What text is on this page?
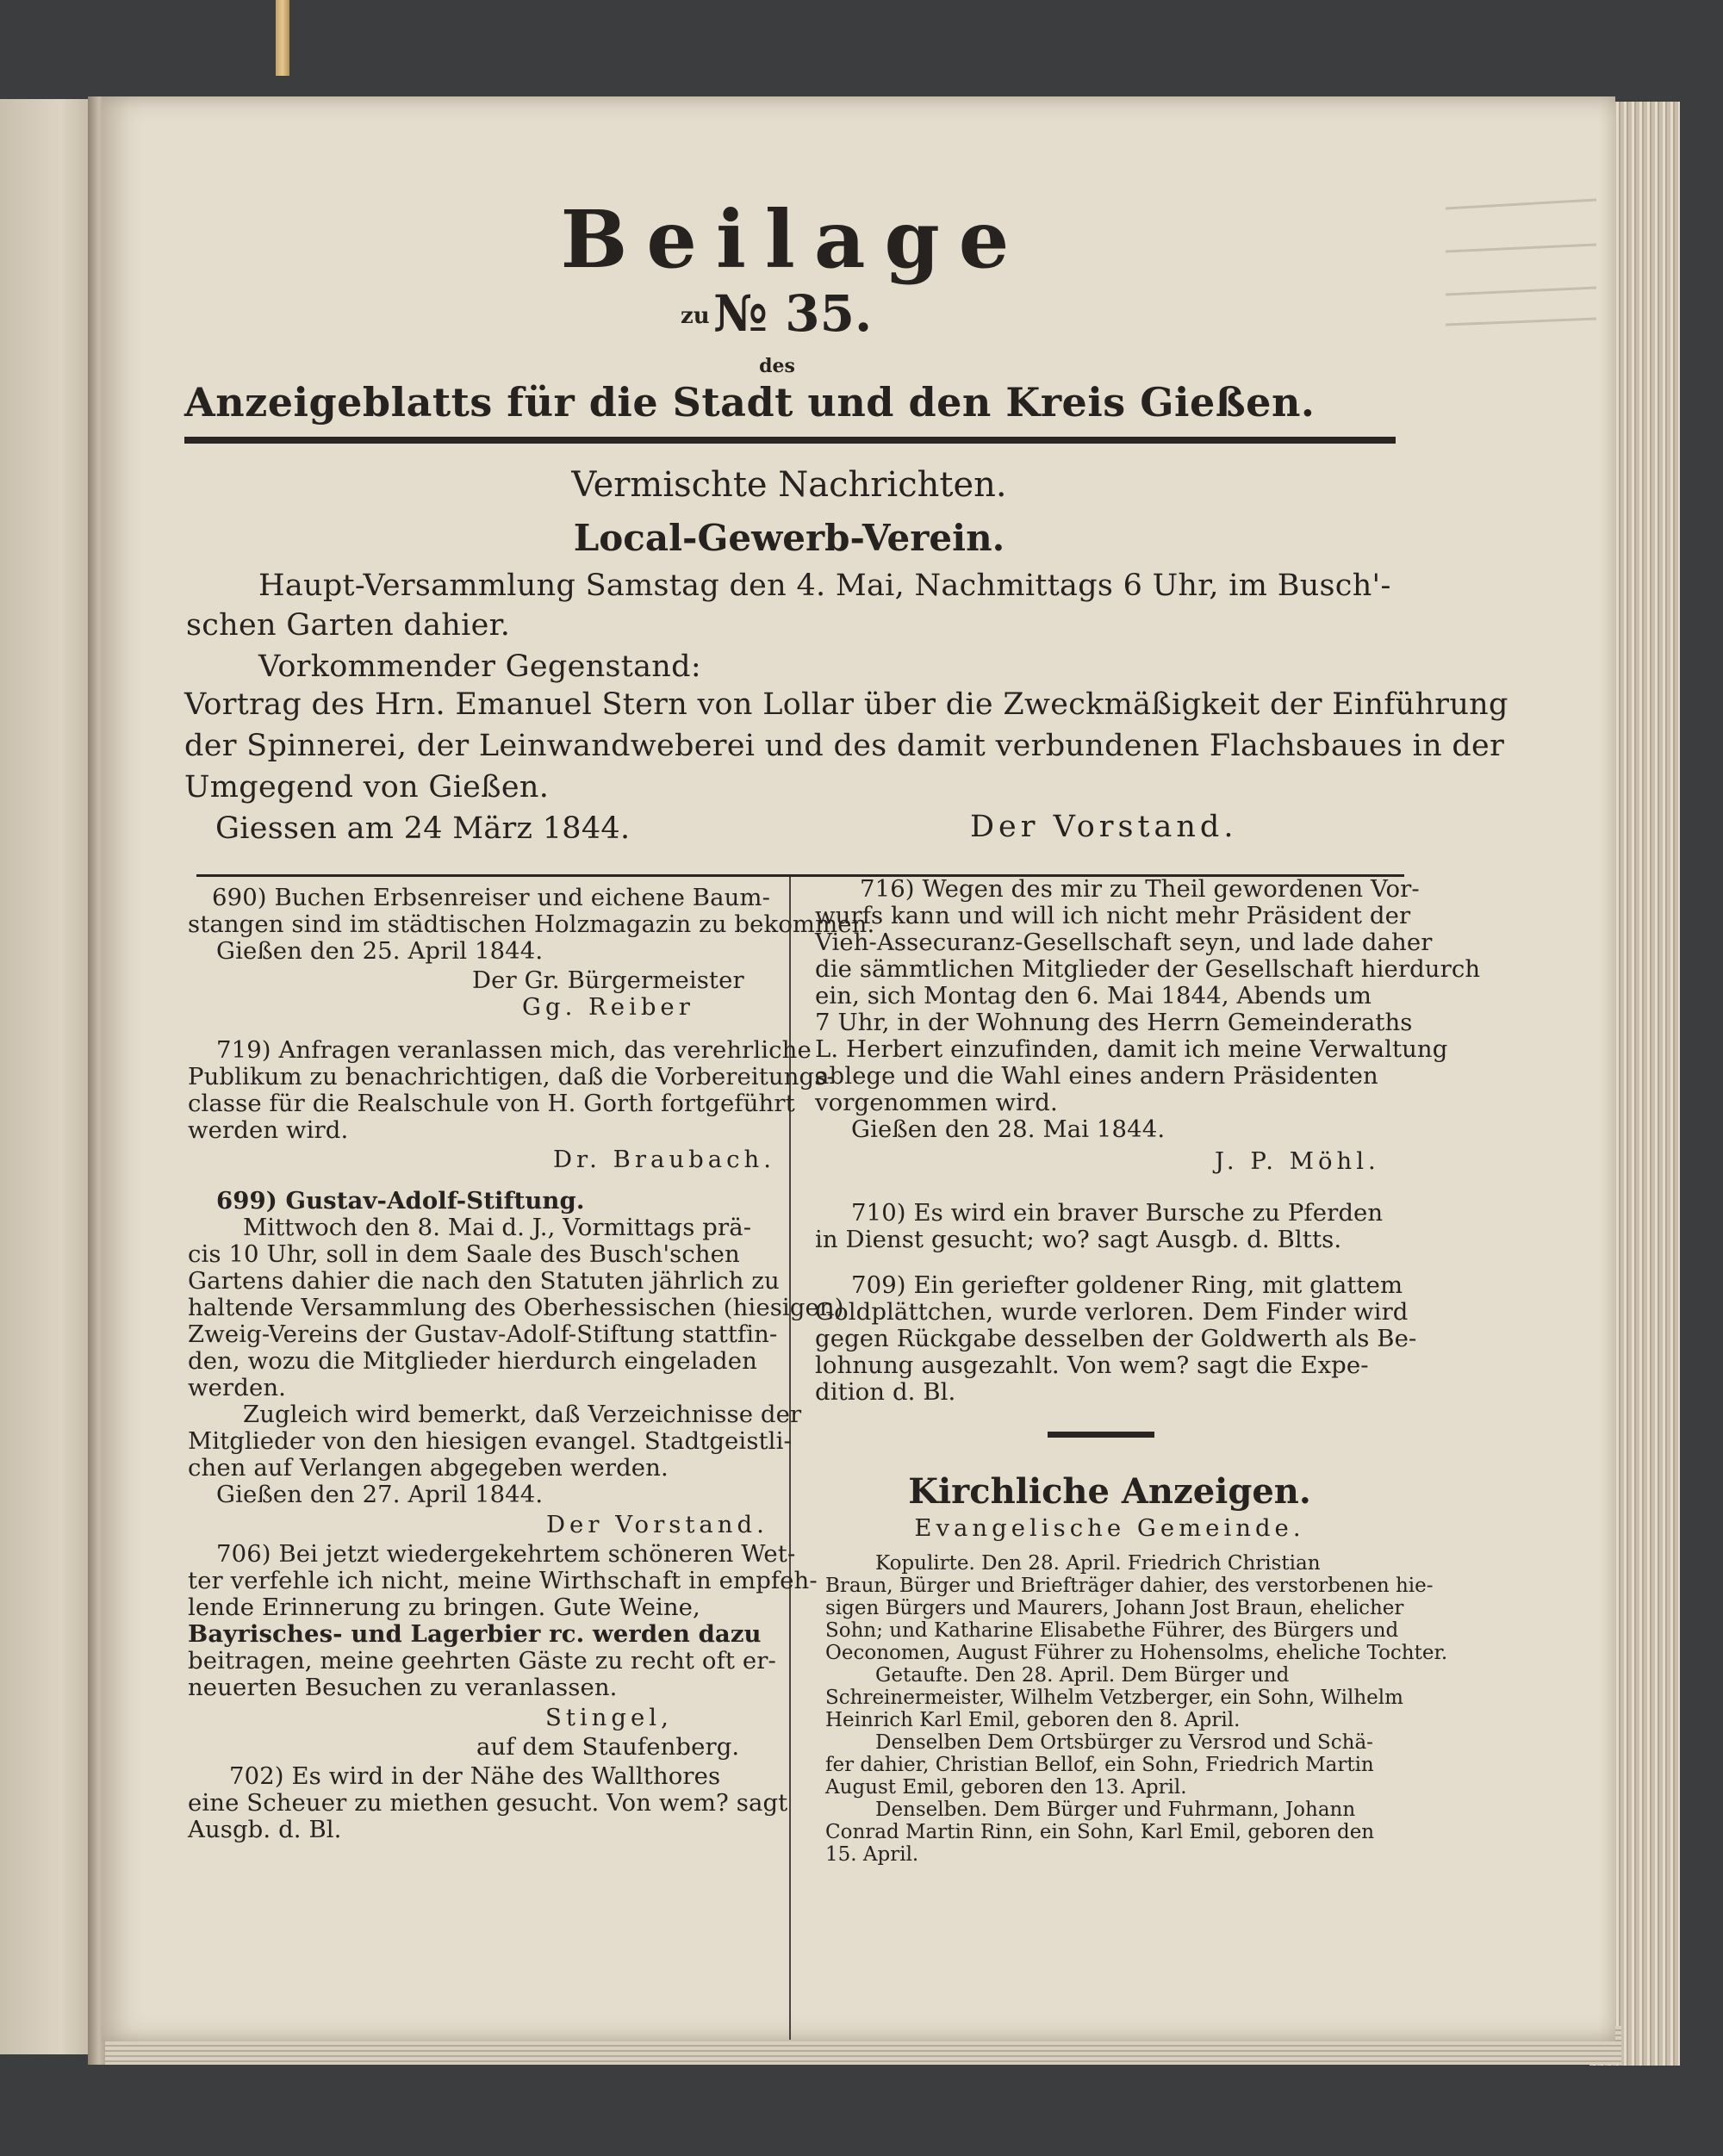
Beilage
zu № 35.
des
Anzeigeblatts für die Stadt und den Kreis Gießen.
Vermischte Nachrichten.
Local-Gewerb-Verein.
Haupt-Versammlung Samstag den 4. Mai, Nachmittags 6 Uhr, im Busch'-
schen Garten dahier.
Vorkommender Gegenstand:
Vortrag des Hrn. Emanuel Stern von Lollar über die Zweckmäßigkeit der Einführung
der Spinnerei, der Leinwandweberei und des damit verbundenen Flachsbaues in der
Umgegend von Gießen.
Giessen am 24 März 1844.	Der Vorstand.
690) Buchen Erbsenreiser und eichene Baum-
stangen sind im städtischen Holzmagazin zu bekommen.
Gießen den 25. April 1844.
Der Gr. Bürgermeister
Gg. Reiber
719) Anfragen veranlassen mich, das verehrliche
Publikum zu benachrichtigen, daß die Vorbereitungs-
classe für die Realschule von H. Gorth fortgeführt
werden wird.
Dr. Braubach.
699) Gustav-Adolf-Stiftung.
Mittwoch den 8. Mai d. J., Vormittags prä-
cis 10 Uhr, soll in dem Saale des Busch'schen
Gartens dahier die nach den Statuten jährlich zu
haltende Versammlung des Oberhessischen (hiesigen)
Zweig-Vereins der Gustav-Adolf-Stiftung stattfin-
den, wozu die Mitglieder hierdurch eingeladen
werden.
Zugleich wird bemerkt, daß Verzeichnisse der
Mitglieder von den hiesigen evangel. Stadtgeistli-
chen auf Verlangen abgegeben werden.
Gießen den 27. April 1844.
Der Vorstand.
706) Bei jetzt wiedergekehrtem schöneren Wet-
ter verfehle ich nicht, meine Wirthschaft in empfeh-
lende Erinnerung zu bringen. Gute Weine,
Bayrisches- und Lagerbier rc. werden dazu
beitragen, meine geehrten Gäste zu recht oft er-
neuerten Besuchen zu veranlassen.
Stingel,
auf dem Staufenberg.
702) Es wird in der Nähe des Wallthores
eine Scheuer zu miethen gesucht. Von wem? sagt
Ausgb. d. Bl.
716) Wegen des mir zu Theil gewordenen Vor-
wurfs kann und will ich nicht mehr Präsident der
Vieh-Assecuranz-Gesellschaft seyn, und lade daher
die sämmtlichen Mitglieder der Gesellschaft hierdurch
ein, sich Montag den 6. Mai 1844, Abends um
7 Uhr, in der Wohnung des Herrn Gemeinderaths
L. Herbert einzufinden, damit ich meine Verwaltung
ablege und die Wahl eines andern Präsidenten
vorgenommen wird.
Gießen den 28. Mai 1844.
J. P. Möhl.
710) Es wird ein braver Bursche zu Pferden
in Dienst gesucht; wo? sagt Ausgb. d. Bltts.
709) Ein geriefter goldener Ring, mit glattem
Goldplättchen, wurde verloren. Dem Finder wird
gegen Rückgabe desselben der Goldwerth als Be-
lohnung ausgezahlt. Von wem? sagt die Expe-
dition d. Bl.
Kirchliche Anzeigen.
Evangelische Gemeinde.
Kopulirte. Den 28. April. Friedrich Christian
Braun, Bürger und Briefträger dahier, des verstorbenen hie-
sigen Bürgers und Maurers, Johann Jost Braun, ehelicher
Sohn; und Katharine Elisabethe Führer, des Bürgers und
Oeconomen, August Führer zu Hohensolms, eheliche Tochter.
Getaufte. Den 28. April. Dem Bürger und
Schreinermeister, Wilhelm Vetzberger, ein Sohn, Wilhelm
Heinrich Karl Emil, geboren den 8. April.
Denselben Dem Ortsbürger zu Versrod und Schä-
fer dahier, Christian Bellof, ein Sohn, Friedrich Martin
August Emil, geboren den 13. April.
Denselben. Dem Bürger und Fuhrmann, Johann
Conrad Martin Rinn, ein Sohn, Karl Emil, geboren den
15. April.
